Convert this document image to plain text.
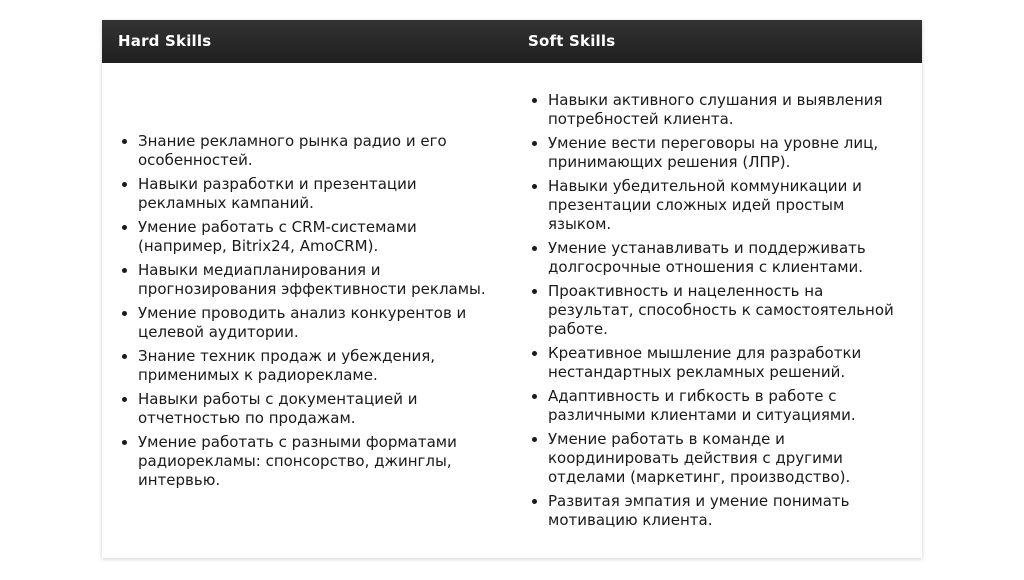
Hard Skills	Soft Skills
• Знание рекламного рынка радио и его особенностей.
• Навыки разработки и презентации рекламных кампаний.
• Умение работать с CRM-системами (например, Bitrix24, AmoCRM).
• Навыки медиапланирования и прогнозирования эффективности рекламы.
• Умение проводить анализ конкурентов и целевой аудитории.
• Знание техник продаж и убеждения, применимых к радиорекламе.
• Навыки работы с документацией и отчетностью по продажам.
• Умение работать с разными форматами радиорекламы: спонсорство, джинглы, интервью.
• Навыки активного слушания и выявления потребностей клиента.
• Умение вести переговоры на уровне лиц, принимающих решения (ЛПР).
• Навыки убедительной коммуникации и презентации сложных идей простым языком.
• Умение устанавливать и поддерживать долгосрочные отношения с клиентами.
• Проактивность и нацеленность на результат, способность к самостоятельной работе.
• Креативное мышление для разработки нестандартных рекламных решений.
• Адаптивность и гибкость в работе с различными клиентами и ситуациями.
• Умение работать в команде и координировать действия с другими отделами (маркетинг, производство).
• Развитая эмпатия и умение понимать мотивацию клиента.
